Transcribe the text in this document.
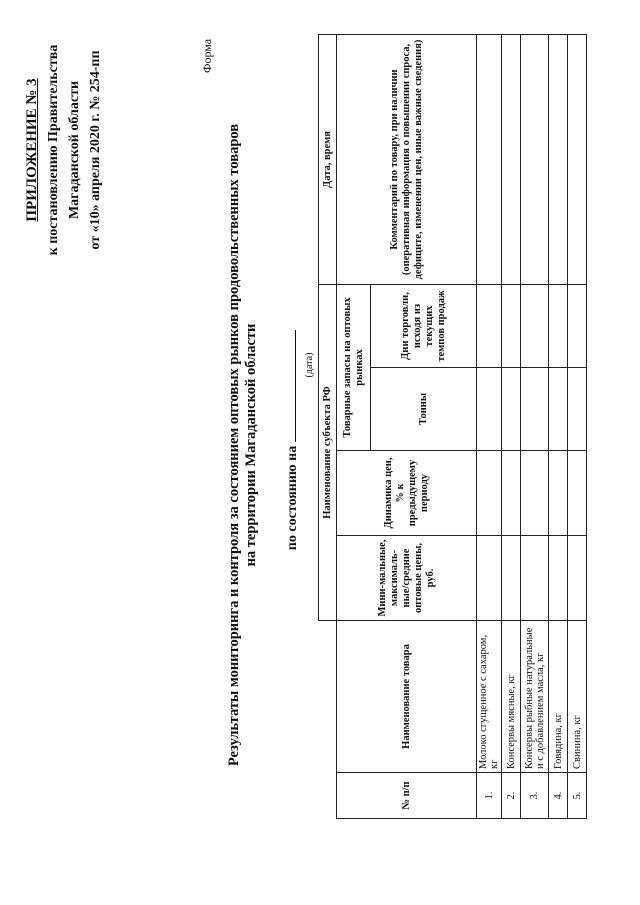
ПРИЛОЖЕНИЕ № 3 к постановлению Правительства Магаданской области от «10» апреля 2020 г. № 254-пп	Форма
Результаты мониторинга и контроля за состоянием оптовых рынков продовольственных товаров на территории Магаданской области по состоянию на
(дата)
		Наименование субъекта РФ				Дата, время
№ п/п	Наименование товара	Мини-мальные, максималь-ные/средние оптовые цены, руб.	Динамика цен, % к предыдущему периоду	Товарные запасы на оптовых рынках		Комментарий по товару, при наличии (оперативная информация о повышении спроса, дефиците, изменении цен, иные важные сведения)
				Тонны	Дни торговли, исходя из текущих темпов продаж	
1.	Молоко сгущенное с сахаром, кг					
2.	Консервы мясные, кг					
3.	Консервы рыбные натуральные и с добавлением масла, кг					
4.	Говядина, кг					
5.	Свинина, кг					
